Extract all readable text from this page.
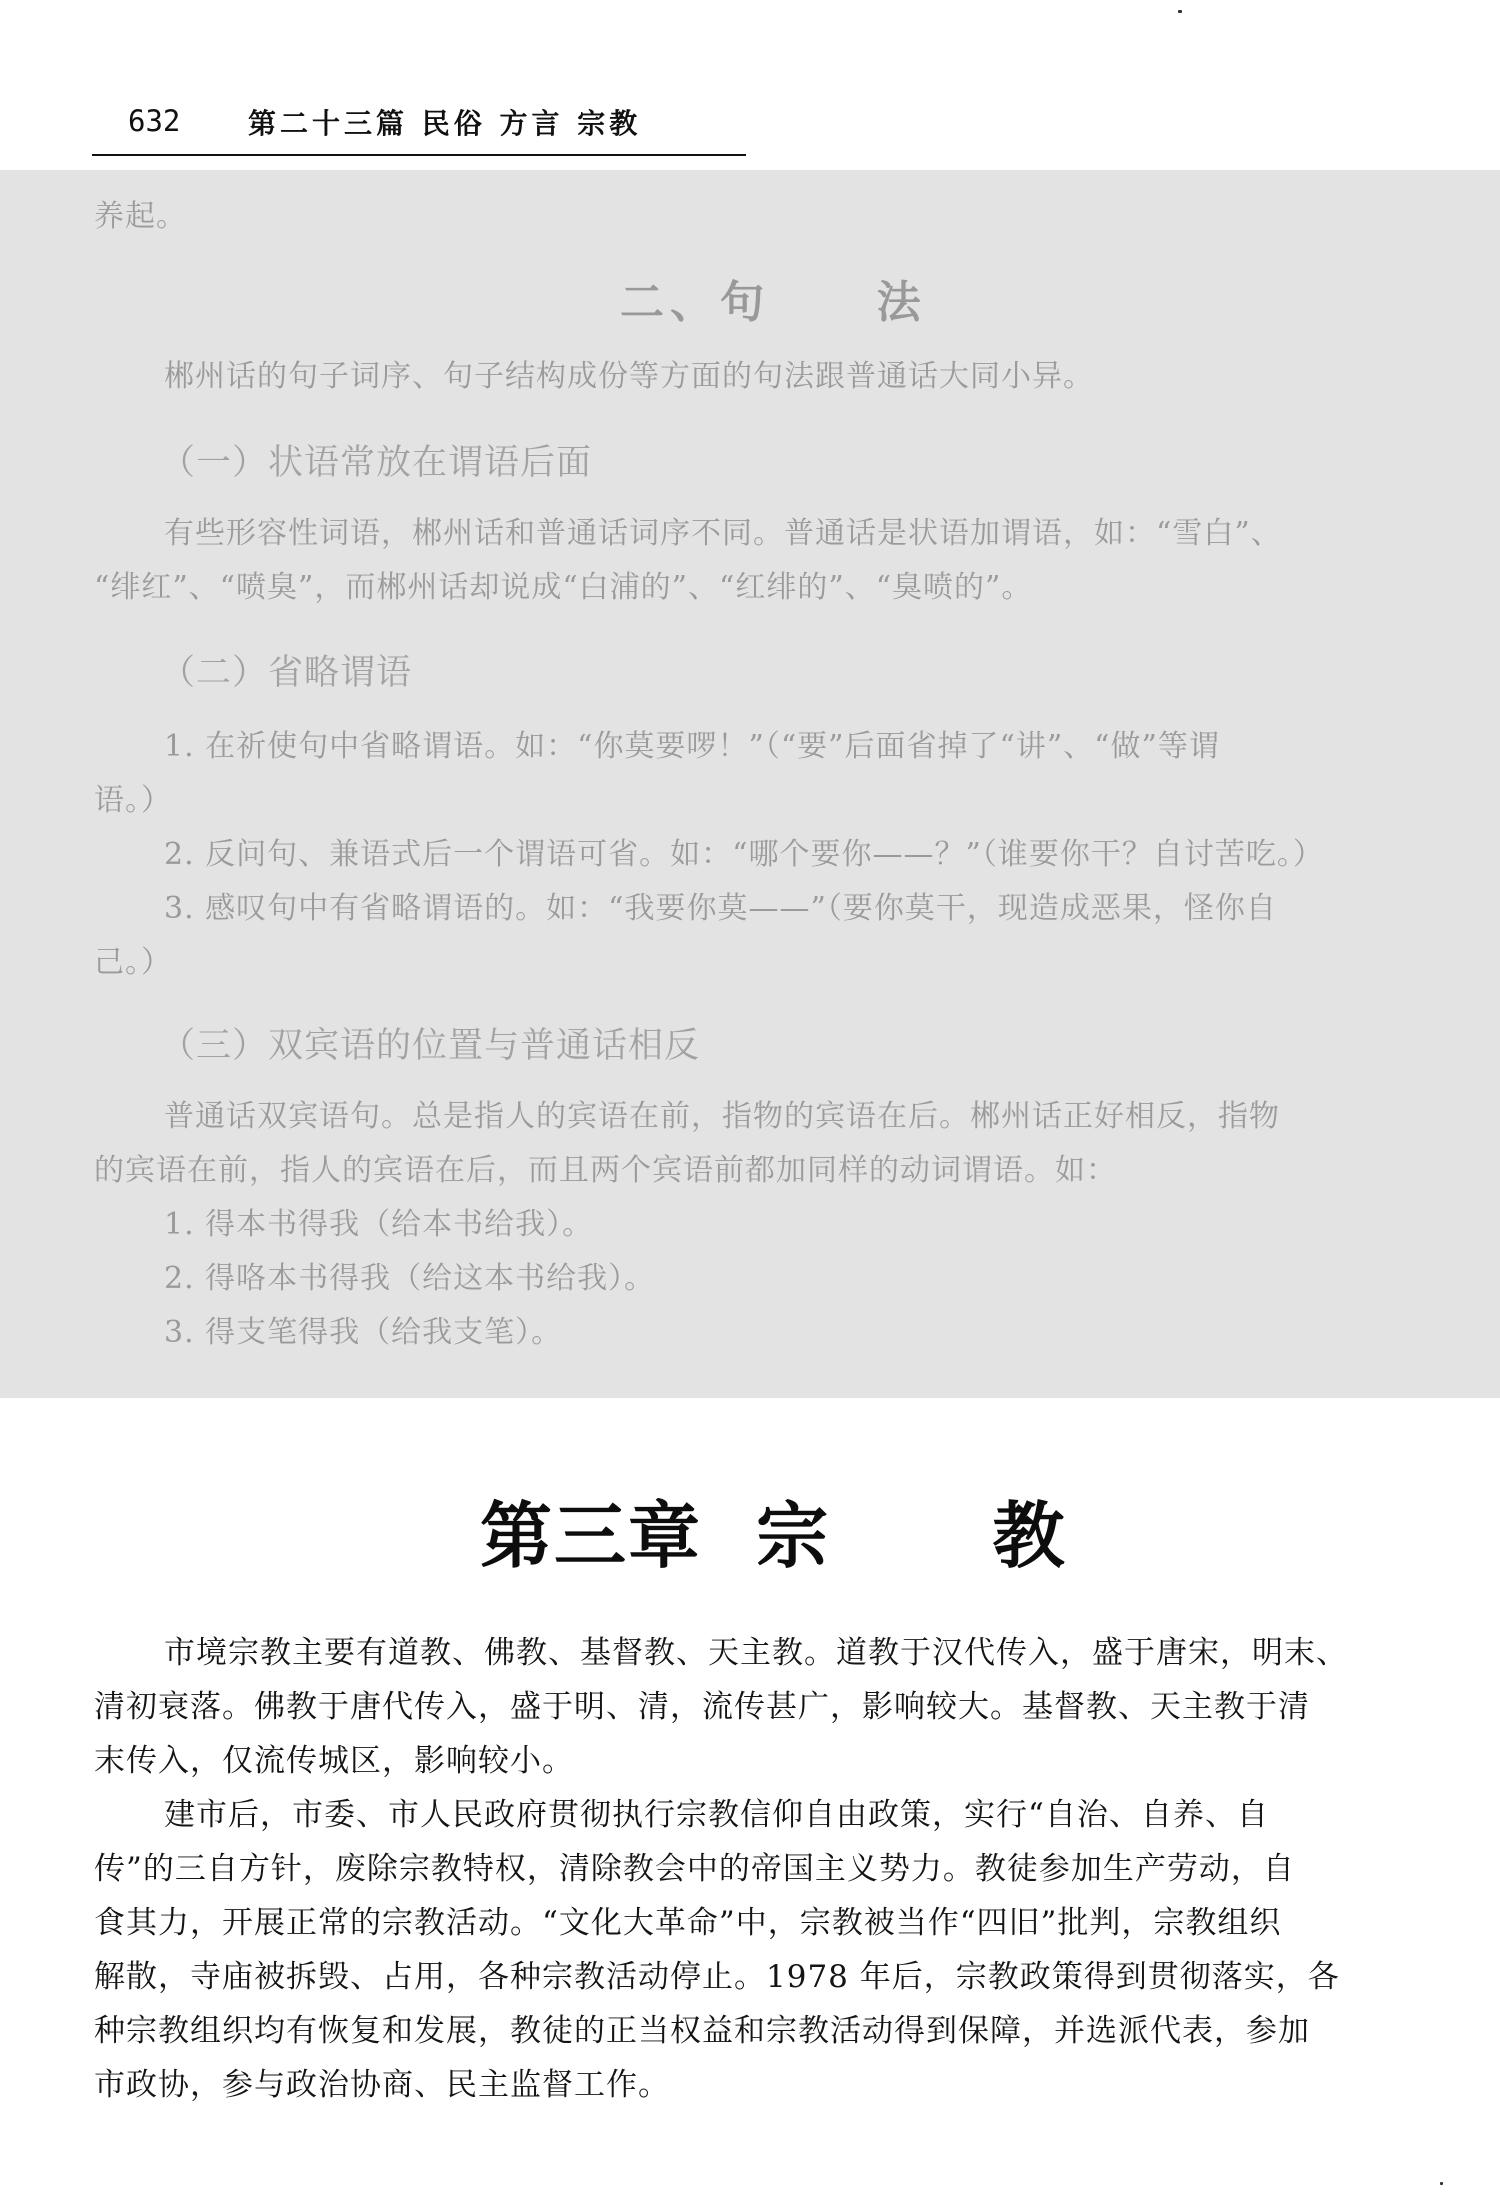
632 第二十三篇 民俗 方言 宗教

养起。

二、句     法

郴州话的句子词序、句子结构成份等方面的句法跟普通话大同小异。

（一）状语常放在谓语后面

有些形容性词语，郴州话和普通话词序不同。普通话是状语加谓语，如：“雪白”、

“绯红”、“喷臭”，而郴州话却说成“白浦的”、“红绯的”、“臭喷的”。

（二）省略谓语

1. 在祈使句中省略谓语。如：“你莫要啰！”（“要”后面省掉了“讲”、“做”等谓

语。）

2. 反问句、兼语式后一个谓语可省。如：“哪个要你——？”（谁要你干？自讨苦吃。）

3. 感叹句中有省略谓语的。如：“我要你莫——”（要你莫干，现造成恶果，怪你自

己。）

（三）双宾语的位置与普通话相反

普通话双宾语句。总是指人的宾语在前，指物的宾语在后。郴州话正好相反，指物

的宾语在前，指人的宾语在后，而且两个宾语前都加同样的动词谓语。如：

1. 得本书得我（给本书给我）。

2. 得咯本书得我（给这本书给我）。

3. 得支笔得我（给我支笔）。

第三章  宗      教

市境宗教主要有道教、佛教、基督教、天主教。道教于汉代传入，盛于唐宋，明末、

清初衰落。佛教于唐代传入，盛于明、清，流传甚广，影响较大。基督教、天主教于清

末传入，仅流传城区，影响较小。

建市后，市委、市人民政府贯彻执行宗教信仰自由政策，实行“自治、自养、自

传”的三自方针，废除宗教特权，清除教会中的帝国主义势力。教徒参加生产劳动，自

食其力，开展正常的宗教活动。“文化大革命”中，宗教被当作“四旧”批判，宗教组织

解散，寺庙被拆毁、占用，各种宗教活动停止。1978 年后，宗教政策得到贯彻落实，各

种宗教组织均有恢复和发展，教徒的正当权益和宗教活动得到保障，并选派代表，参加

市政协，参与政治协商、民主监督工作。
